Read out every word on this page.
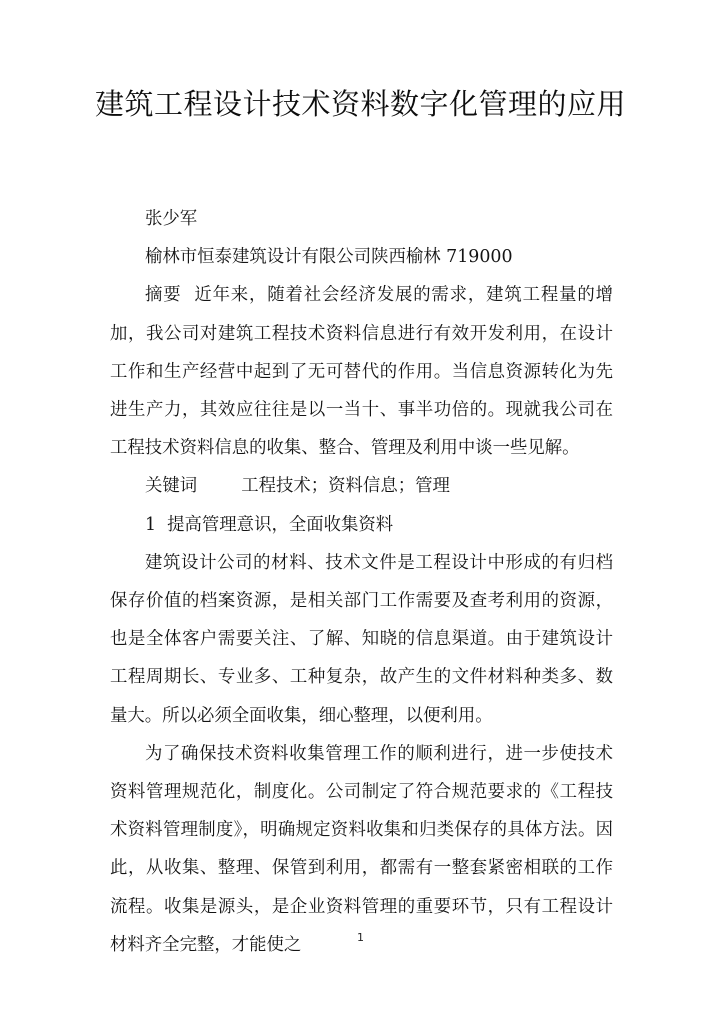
建筑工程设计技术资料数字化管理的应用

张少军

榆林市恒泰建筑设计有限公司陕西榆林 719000

摘要 近年来，随着社会经济发展的需求，建筑工程量的增加，我公司对建筑工程技术资料信息进行有效开发利用，在设计工作和生产经营中起到了无可替代的作用。当信息资源转化为先进生产力，其效应往往是以一当十、事半功倍的。现就我公司在工程技术资料信息的收集、整合、管理及利用中谈一些见解。

关键词	工程技术；资料信息；管理

1  提高管理意识，全面收集资料

建筑设计公司的材料、技术文件是工程设计中形成的有归档保存价值的档案资源，是相关部门工作需要及查考利用的资源，也是全体客户需要关注、了解、知晓的信息渠道。由于建筑设计工程周期长、专业多、工种复杂，故产生的文件材料种类多、数量大。所以必须全面收集，细心整理，以便利用。

为了确保技术资料收集管理工作的顺利进行，进一步使技术资料管理规范化，制度化。公司制定了符合规范要求的《工程技术资料管理制度》，明确规定资料收集和归类保存的具体方法。因此，从收集、整理、保管到利用，都需有一整套紧密相联的工作流程。收集是源头，是企业资料管理的重要环节，只有工程设计材料齐全完整，才能使之	1
